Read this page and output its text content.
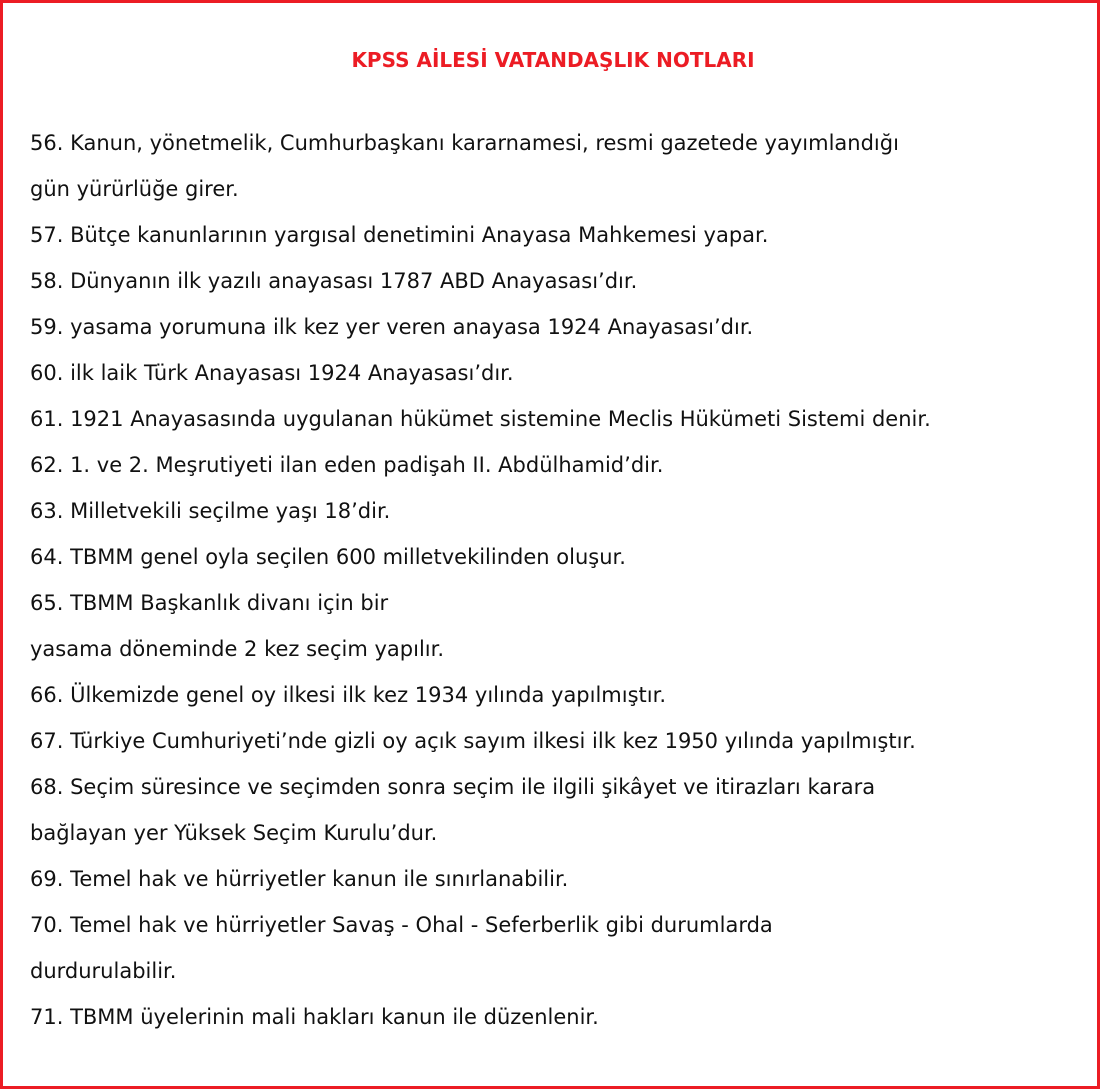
KPSS AİLESİ VATANDAŞLIK NOTLARI
56. Kanun, yönetmelik, Cumhurbaşkanı kararnamesi, resmi gazetede yayımlandığı
gün yürürlüğe girer.
57. Bütçe kanunlarının yargısal denetimini Anayasa Mahkemesi yapar.
58. Dünyanın ilk yazılı anayasası 1787 ABD Anayasası’dır.
59. yasama yorumuna ilk kez yer veren anayasa 1924 Anayasası’dır.
60. ilk laik Türk Anayasası 1924 Anayasası’dır.
61. 1921 Anayasasında uygulanan hükümet sistemine Meclis Hükümeti Sistemi denir.
62. 1. ve 2. Meşrutiyeti ilan eden padişah II. Abdülhamid’dir.
63. Milletvekili seçilme yaşı 18’dir.
64. TBMM genel oyla seçilen 600 milletvekilinden oluşur.
65. TBMM Başkanlık divanı için bir
yasama döneminde 2 kez seçim yapılır.
66. Ülkemizde genel oy ilkesi ilk kez 1934 yılında yapılmıştır.
67. Türkiye Cumhuriyeti’nde gizli oy açık sayım ilkesi ilk kez 1950 yılında yapılmıştır.
68. Seçim süresince ve seçimden sonra seçim ile ilgili şikâyet ve itirazları karara
bağlayan yer Yüksek Seçim Kurulu’dur.
69. Temel hak ve hürriyetler kanun ile sınırlanabilir.
70. Temel hak ve hürriyetler Savaş - Ohal - Seferberlik gibi durumlarda
durdurulabilir.
71. TBMM üyelerinin mali hakları kanun ile düzenlenir.
